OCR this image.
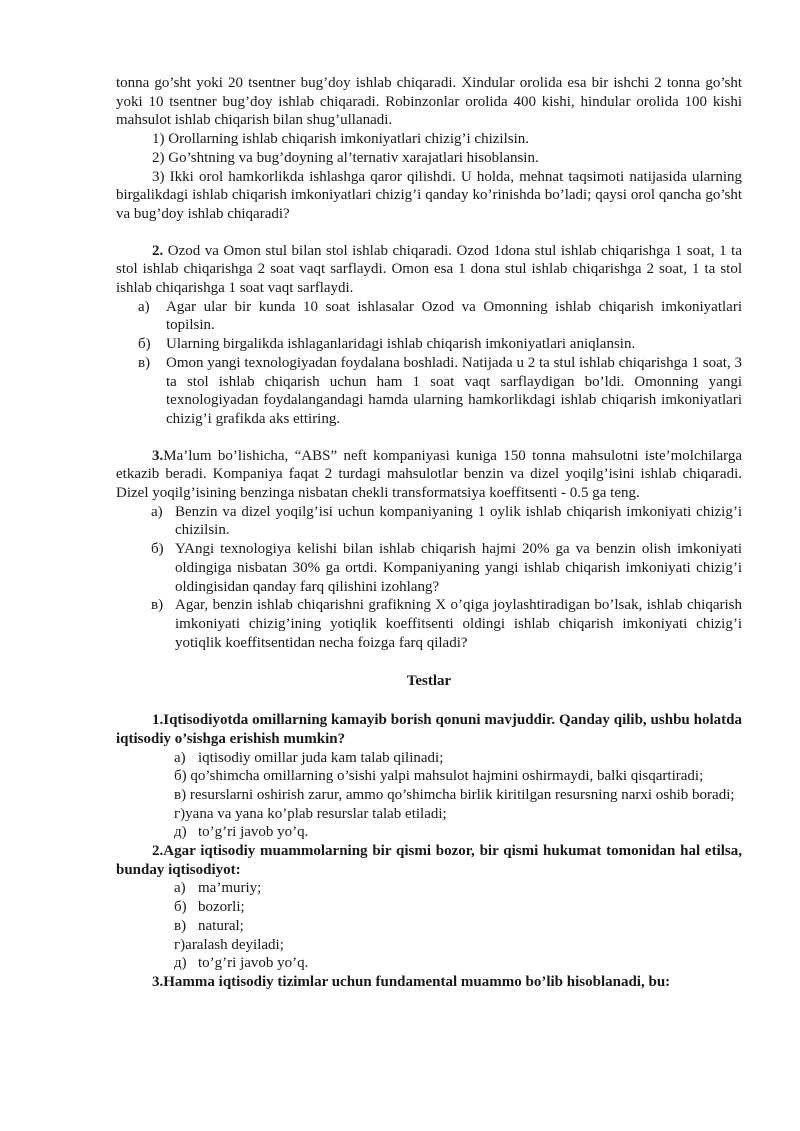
tonna go’sht yoki 20 tsentner bug’doy ishlab chiqaradi. Xindular orolida esa bir ishchi 2 tonna go’sht yoki 10 tsentner bug’doy ishlab chiqaradi. Robinzonlar orolida 400 kishi, hindular orolida 100 kishi mahsulot ishlab chiqarish bilan shug’ullanadi.

1) Orollarning ishlab chiqarish imkoniyatlari chizig’i chizilsin.

2) Go’shtning va bug’doyning al’ternativ xarajatlari hisoblansin.

3) Ikki orol hamkorlikda ishlashga qaror qilishdi. U holda, mehnat taqsimoti natijasida ularning birgalikdagi ishlab chiqarish imkoniyatlari chizig’i qanday ko’rinishda bo’ladi; qaysi orol qancha go’sht va bug’doy ishlab chiqaradi?

2. Ozod va Omon stul bilan stol ishlab chiqaradi. Ozod 1dona stul ishlab chiqarishga 1 soat, 1 ta stol ishlab chiqarishga 2 soat vaqt sarflaydi. Omon esa 1 dona stul ishlab chiqarishga 2 soat, 1 ta stol ishlab chiqarishga 1 soat vaqt sarflaydi.

a)	Agar ular bir kunda 10 soat ishlasalar Ozod va Omonning ishlab chiqarish imkoniyatlari topilsin.
б)	Ularning birgalikda ishlaganlaridagi ishlab chiqarish imkoniyatlari aniqlansin.
в)	Omon yangi texnologiyadan foydalana boshladi. Natijada u 2 ta stul ishlab chiqarishga 1 soat, 3 ta stol ishlab chiqarish uchun ham 1 soat vaqt sarflaydigan bo’ldi. Omonning yangi texnologiyadan foydalangandagi hamda ularning hamkorlikdagi ishlab chiqarish imkoniyatlari chizig’i grafikda aks ettiring.

3.Ma’lum bo’lishicha, “ABS” neft kompaniyasi kuniga 150 tonna mahsulotni iste’molchilarga etkazib beradi. Kompaniya faqat 2 turdagi mahsulotlar benzin va dizel yoqilg’isini ishlab chiqaradi. Dizel yoqilg’isining benzinga nisbatan chekli transformatsiya koeffitsenti - 0.5 ga teng.

a) Benzin va dizel yoqilg’isi uchun kompaniyaning 1 oylik ishlab chiqarish imkoniyati chizig’i chizilsin.
б) YAngi texnologiya kelishi bilan ishlab chiqarish hajmi 20% ga va benzin olish imkoniyati oldingiga nisbatan 30% ga ortdi. Kompaniyaning yangi ishlab chiqarish imkoniyati chizig’i oldingisidan qanday farq qilishini izohlang?
в) Agar, benzin ishlab chiqarishni grafikning X o’qiga joylashtiradigan bo’lsak, ishlab chiqarish imkoniyati chizig’ining yotiqlik koeffitsenti oldingi ishlab chiqarish imkoniyati chizig’i yotiqlik koeffitsentidan necha foizga farq qiladi?

Testlar

1.Iqtisodiyotda omillarning kamayib borish qonuni mavjuddir. Qanday qilib, ushbu holatda iqtisodiy o’sishga erishish mumkin?

a) iqtisodiy omillar juda kam talab qilinadi;
б) qo’shimcha omillarning o’sishi yalpi mahsulot hajmini oshirmaydi, balki qisqartiradi;
в) resurslarni oshirish zarur, ammo qo’shimcha birlik kiritilgan resursning narxi oshib boradi;
г) yana va yana ko’plab resurslar talab etiladi;
д) to’g’ri javob yo’q.

2.Agar iqtisodiy muammolarning bir qismi bozor, bir qismi hukumat tomonidan hal etilsa, bunday iqtisodiyot:

a) ma’muriy;
б) bozorli;
в) natural;
г) aralash deyiladi;
д) to’g’ri javob yo’q.

3.Hamma iqtisodiy tizimlar uchun fundamental muammo bo’lib hisoblanadi, bu:
